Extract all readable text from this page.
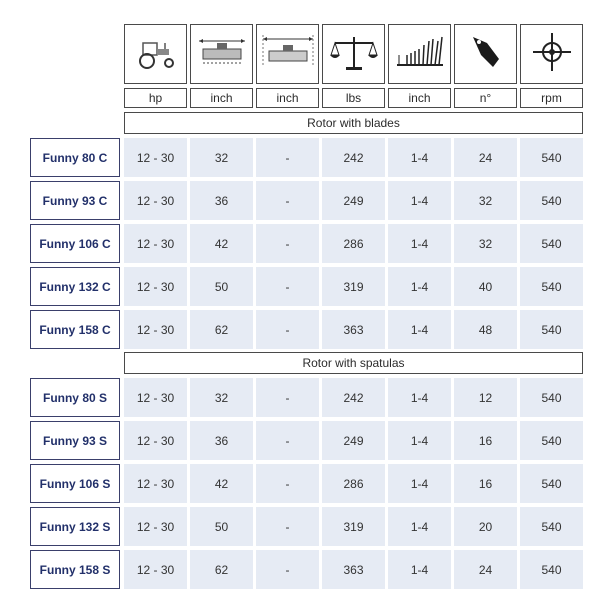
hp	inch	inch	lbs	inch	n°	rpm
Rotor with blades
Funny 80 C	12 - 30	32	-	242	1-4	24	540
Funny 93 C	12 - 30	36	-	249	1-4	32	540
Funny 106 C	12 - 30	42	-	286	1-4	32	540
Funny 132 C	12 - 30	50	-	319	1-4	40	540
Funny 158 C	12 - 30	62	-	363	1-4	48	540
Rotor with spatulas
Funny 80 S	12 - 30	32	-	242	1-4	12	540
Funny 93 S	12 - 30	36	-	249	1-4	16	540
Funny 106 S	12 - 30	42	-	286	1-4	16	540
Funny 132 S	12 - 30	50	-	319	1-4	20	540
Funny 158 S	12 - 30	62	-	363	1-4	24	540
